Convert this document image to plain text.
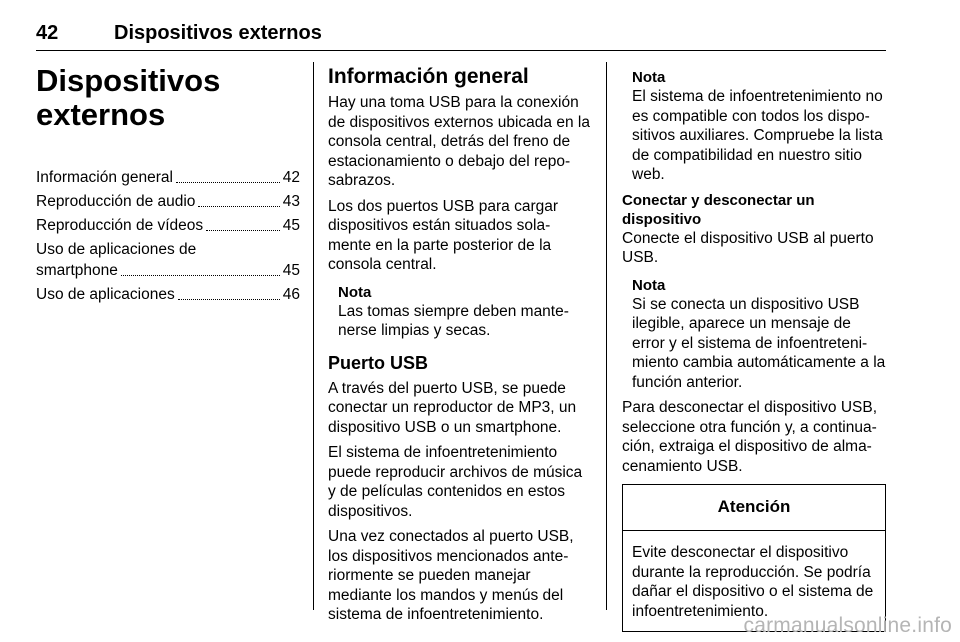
42	Dispositivos externos
Dispositivos
externos
Información general	42
Reproducción de audio	43
Reproducción de vídeos	45
Uso de aplicaciones de
smartphone	45
Uso de aplicaciones	46
Información general

Hay una toma USB para la conexión de dispositivos externos ubicada en la consola central, detrás del freno de estacionamiento o debajo del repo-sabrazos.

Los dos puertos USB para cargar dispositivos están situados sola-mente en la parte posterior de la consola central.

Nota
Las tomas siempre deben mante-nerse limpias y secas.
Puerto USB

A través del puerto USB, se puede conectar un reproductor de MP3, un dispositivo USB o un smartphone.

El sistema de infoentretenimiento puede reproducir archivos de música y de películas contenidos en estos dispositivos.

Una vez conectados al puerto USB, los dispositivos mencionados ante-riormente se pueden manejar mediante los mandos y menús del sistema de infoentretenimiento.

Nota
El sistema de infoentretenimiento no es compatible con todos los dispo-sitivos auxiliares. Compruebe la lista de compatibilidad en nuestro sitio web.
Conectar y desconectar un dispositivo

Conecte el dispositivo USB al puerto USB.

Nota
Si se conecta un dispositivo USB ilegible, aparece un mensaje de error y el sistema de infoentreteni-miento cambia automáticamente a la función anterior.

Para desconectar el dispositivo USB, seleccione otra función y, a continua-ción, extraiga el dispositivo de alma-cenamiento USB.

Atención
Evite desconectar el dispositivo durante la reproducción. Se podría dañar el dispositivo o el sistema de infoentretenimiento.
carmanualsonline.info
